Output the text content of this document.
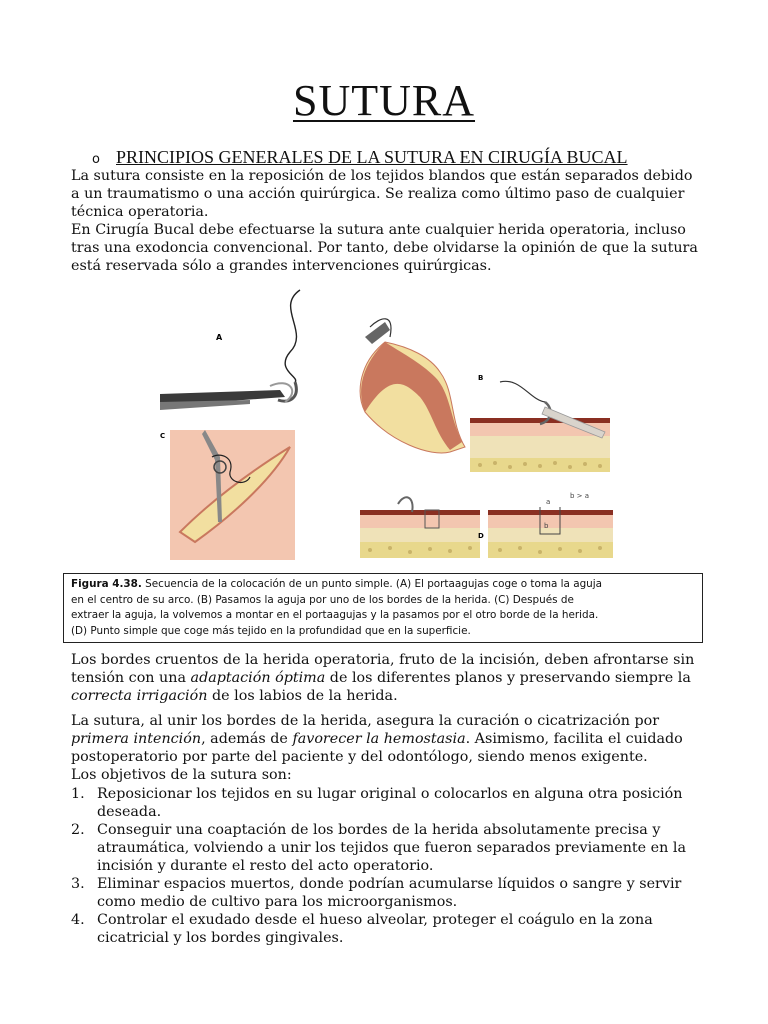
SUTURA
o PRINCIPIOS GENERALES DE LA SUTURA EN CIRUGÍA BUCAL
La sutura consiste en la reposición de los tejidos blandos que están separados debido
a un traumatismo o una acción quirúrgica. Se realiza como último paso de cualquier
técnica operatoria.
En Cirugía Bucal debe efectuarse la sutura ante cualquier herida operatoria, incluso
tras una exodoncia convencional. Por tanto, debe olvidarse la opinión de que la sutura
está reservada sólo a grandes intervenciones quirúrgicas.
A
B
C
a
b
b > a
D
Figura 4.38. Secuencia de la colocación de un punto simple. (A) El portaagujas coge o toma la aguja
en el centro de su arco. (B) Pasamos la aguja por uno de los bordes de la herida. (C) Después de
extraer la aguja, la volvemos a montar en el portaagujas y la pasamos por el otro borde de la herida.
(D) Punto simple que coge más tejido en la profundidad que en la superficie.
Los bordes cruentos de la herida operatoria, fruto de la incisión, deben afrontarse sin
tensión con una adaptación óptima de los diferentes planos y preservando siempre la
correcta irrigación de los labios de la herida.
La sutura, al unir los bordes de la herida, asegura la curación o cicatrización por
primera intención, además de favorecer la hemostasia. Asimismo, facilita el cuidado
postoperatorio por parte del paciente y del odontólogo, siendo menos exigente.
Los objetivos de la sutura son:
1. Reposicionar los tejidos en su lugar original o colocarlos en alguna otra posición
deseada.
2. Conseguir una coaptación de los bordes de la herida absolutamente precisa y
atraumática, volviendo a unir los tejidos que fueron separados previamente en la
incisión y durante el resto del acto operatorio.
3. Eliminar espacios muertos, donde podrían acumularse líquidos o sangre y servir
como medio de cultivo para los microorganismos.
4. Controlar el exudado desde el hueso alveolar, proteger el coágulo en la zona
cicatricial y los bordes gingivales.
